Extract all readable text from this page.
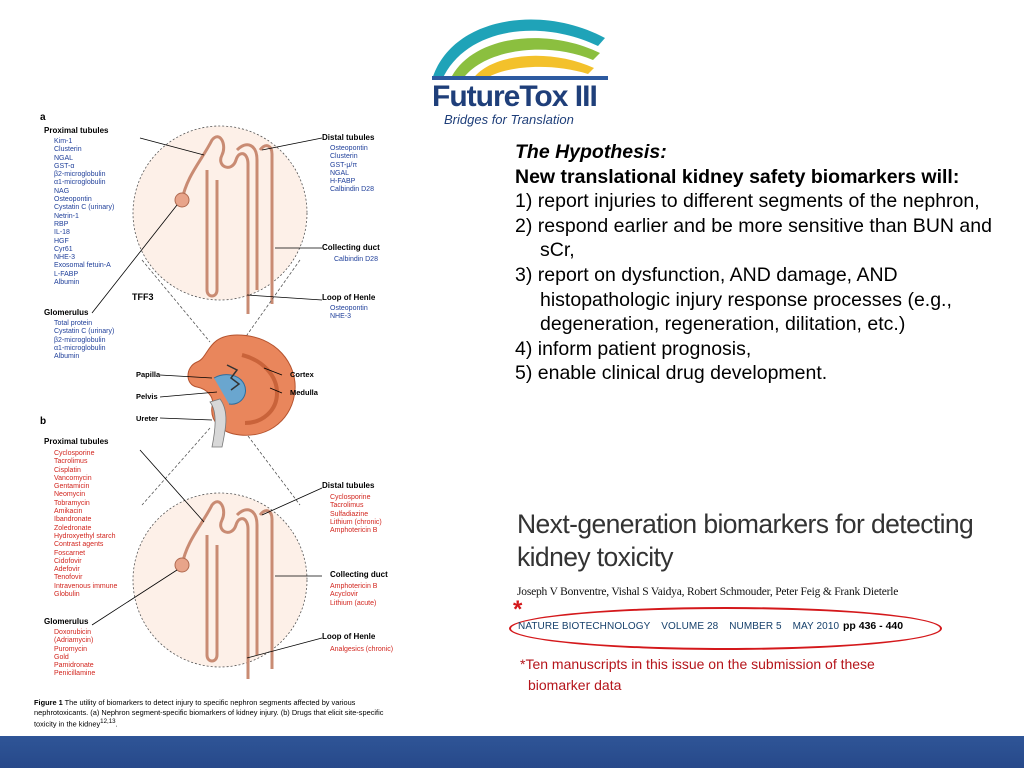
FutureTox III
Bridges for Translation
a
Proximal tubules
Kim-1
Clusterin
NGAL
GST-α
β2-microglobulin
α1-microglobulin
NAG
Osteopontin
Cystatin C (urinary)
Netrin-1
RBP
IL-18
HGF
Cyr61
NHE-3
Exosomal fetuin-A
L-FABP
Albumin
Distal tubules
Osteopontin
Clusterin
GST-μ/π
NGAL
H-FABP
Calbindin D28
Collecting duct
Calbindin D28
Loop of Henle
Osteopontin
NHE-3
Glomerulus
Total protein
Cystatin C (urinary)
β2-microglobulin
α1-microglobulin
Albumin
TFF3
Papilla
Pelvis
Ureter
Cortex
Medulla
b
Proximal tubules
Cyclosporine
Tacrolimus
Cisplatin
Vancomycin
Gentamicin
Neomycin
Tobramycin
Amikacin
Ibandronate
Zoledronate
Hydroxyethyl starch
Contrast agents
Foscarnet
Cidofovir
Adefovir
Tenofovir
Intravenous immune
Globulin
Distal tubules
Cyclosporine
Tacrolimus
Sulfadiazine
Lithium (chronic)
Amphotericin B
Collecting duct
Amphotericin B
Acyclovir
Lithium (acute)
Glomerulus
Doxorubicin
(Adriamycin)
Puromycin
Gold
Pamidronate
Penicillamine
Loop of Henle
Analgesics (chronic)
Figure 1 The utility of biomarkers to detect injury to specific nephron segments affected by various nephrotoxicants. (a) Nephron segment-specific biomarkers of kidney injury. (b) Drugs that elicit site-specific toxicity in the kidney$^{12,13}$.
The Hypothesis:
New translational kidney safety biomarkers will:
1) report injuries to different segments of the nephron,
2) respond earlier and be more sensitive than BUN and sCr,
3) report on dysfunction, AND damage, AND histopathologic injury response processes (e.g., degeneration, regeneration, dilitation, etc.)
4) inform patient prognosis,
5) enable clinical drug development.
Next-generation biomarkers for detecting kidney toxicity
Joseph V Bonventre, Vishal S Vaidya, Robert Schmouder, Peter Feig & Frank Dieterle
*
NATURE BIOTECHNOLOGY VOLUME 28 NUMBER 5 MAY 2010 pp 436 - 440
*Ten manuscripts in this issue on the submission of these
biomarker data
